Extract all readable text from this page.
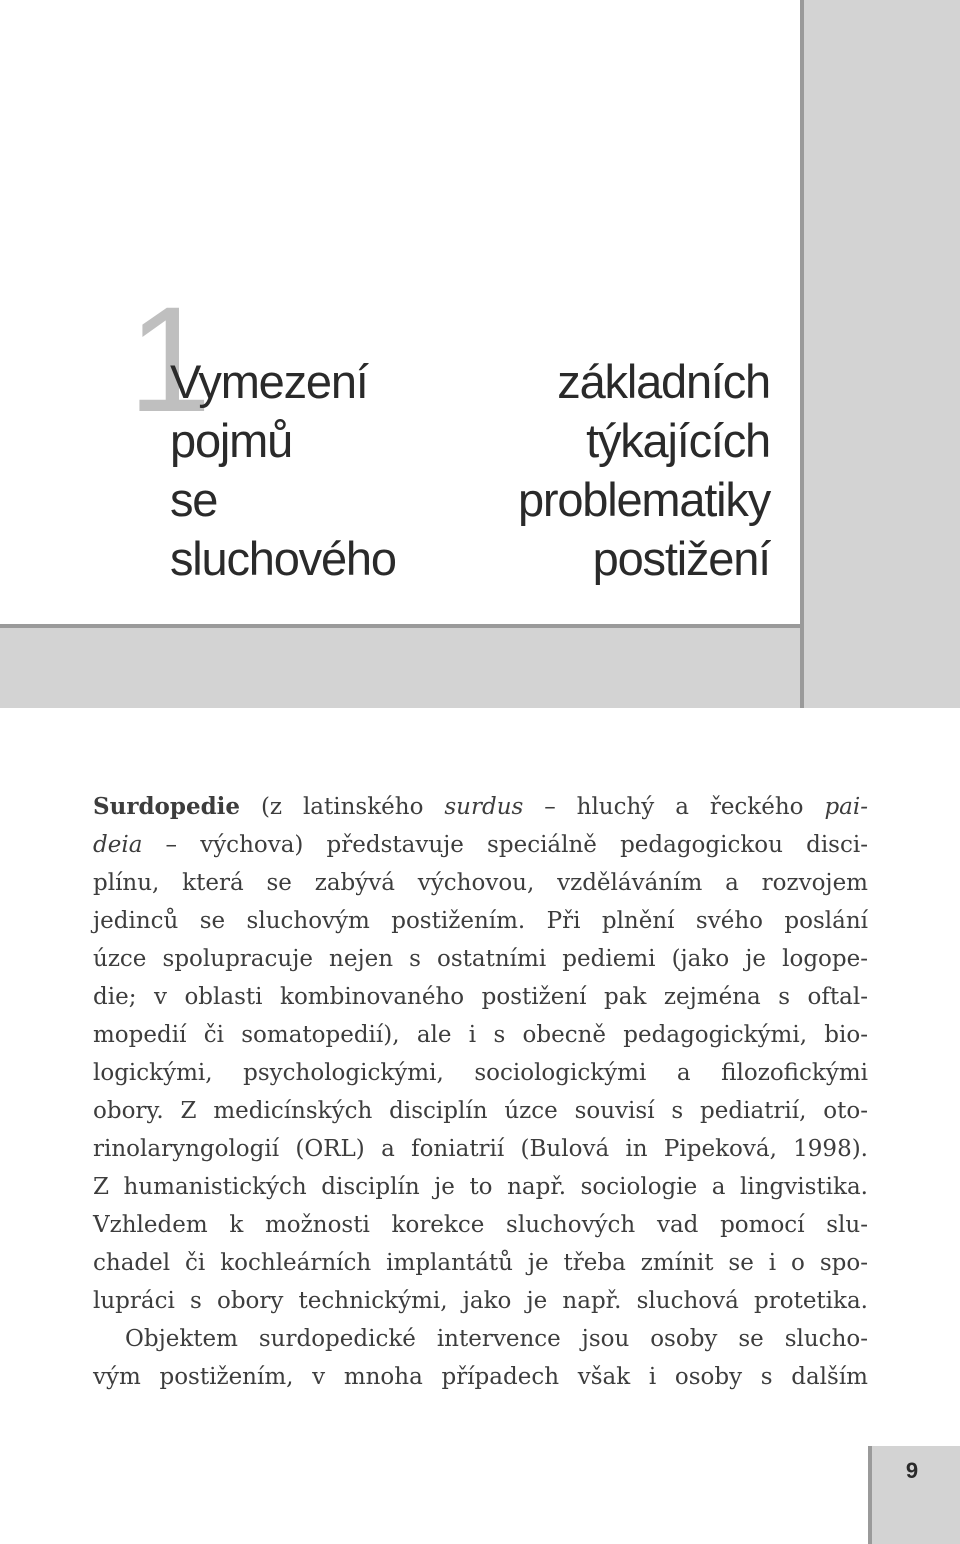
1
Vymezení základních
pojmů týkajících
se problematiky
sluchového postižení
Surdopedie (z latinského surdus – hluchý a řeckého pai-
deia – výchova) představuje speciálně pedagogickou disci-
plínu, která se zabývá výchovou, vzděláváním a rozvojem
jedinců se sluchovým postižením. Při plnění svého poslání
úzce spolupracuje nejen s ostatními pediemi (jako je logope-
die; v oblasti kombinovaného postižení pak zejména s oftal-
mopedií či somatopedií), ale i s obecně pedagogickými, bio-
logickými, psychologickými, sociologickými a filozofickými
obory. Z medicínských disciplín úzce souvisí s pediatrií, oto-
rinolaryngologií (ORL) a foniatrií (Bulová in Pipeková, 1998).
Z humanistických disciplín je to např. sociologie a lingvistika.
Vzhledem k možnosti korekce sluchových vad pomocí slu-
chadel či kochleárních implantátů je třeba zmínit se i o spo-
lupráci s obory technickými, jako je např. sluchová protetika.
Objektem surdopedické intervence jsou osoby se slucho-
vým postižením, v mnoha případech však i osoby s dalším
9
